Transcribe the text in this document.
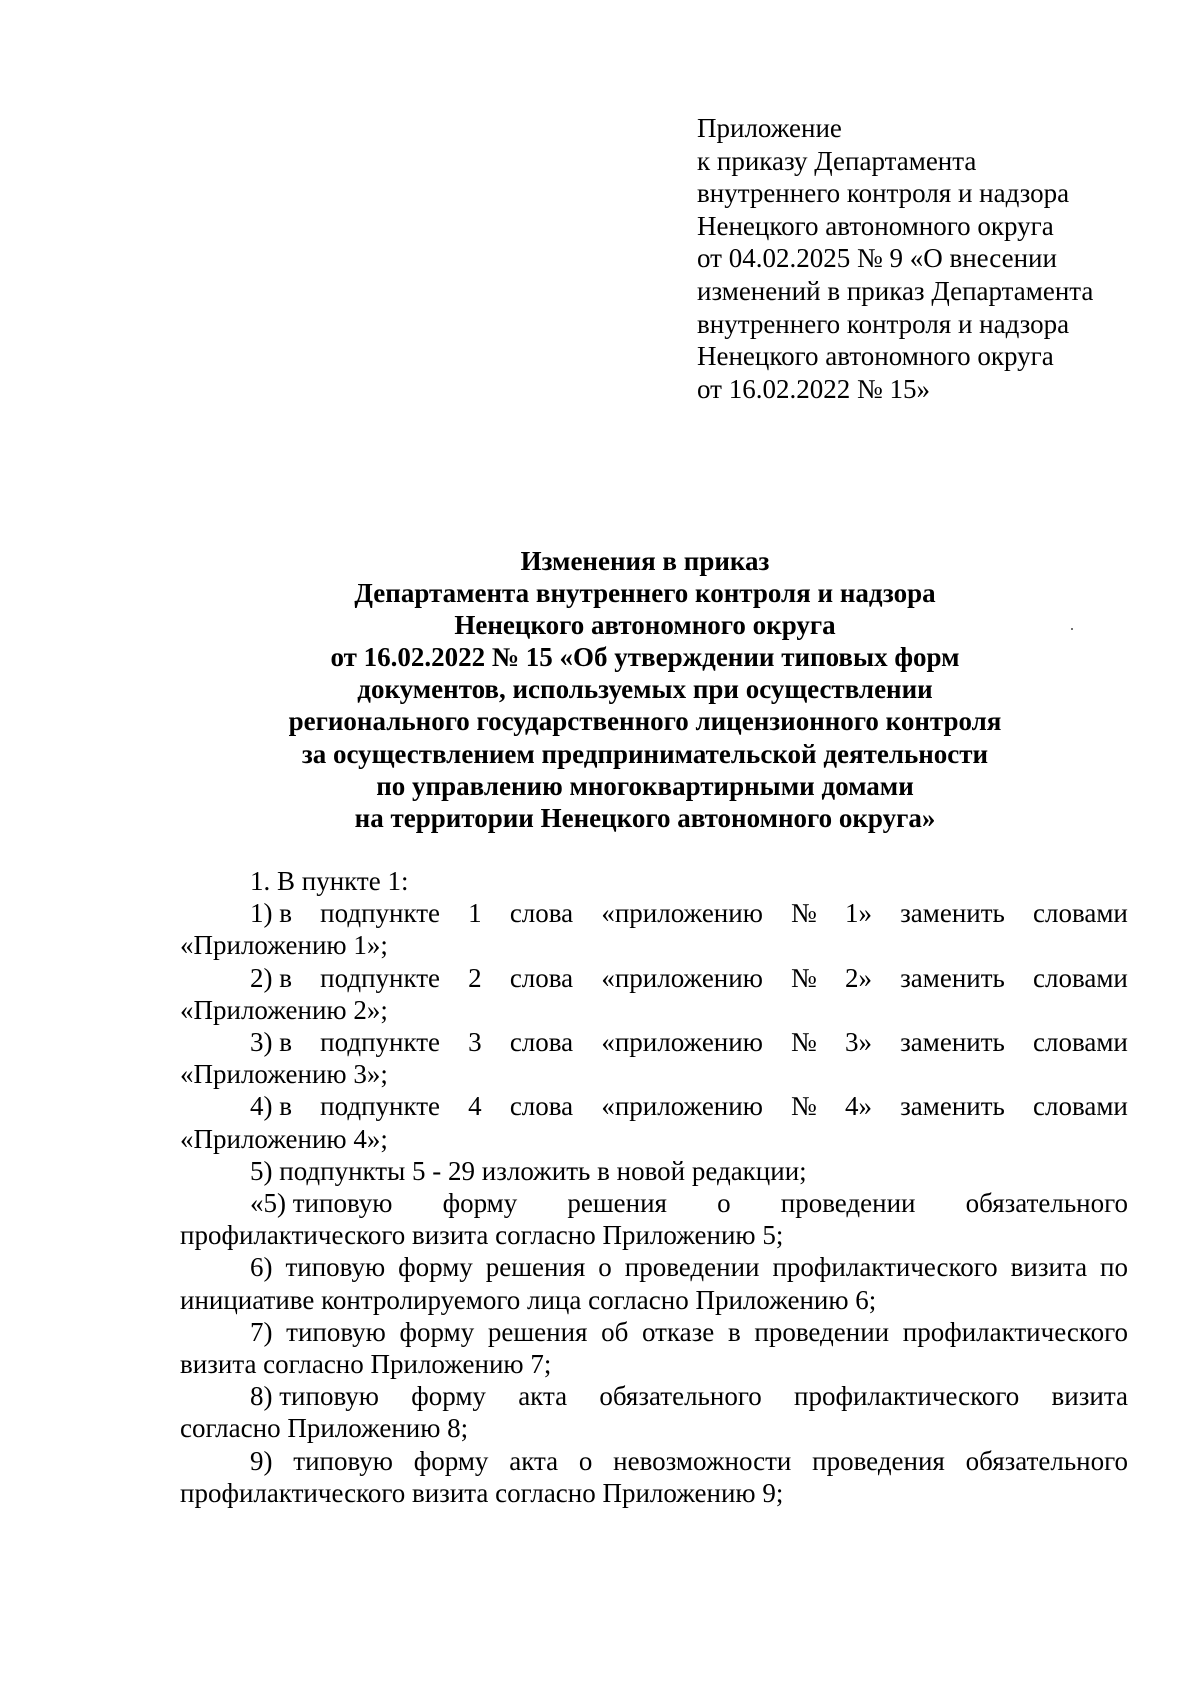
Приложение
к приказу Департамента
внутреннего контроля и надзора
Ненецкого автономного округа
от 04.02.2025 № 9 «О внесении
изменений в приказ Департамента
внутреннего контроля и надзора
Ненецкого автономного округа
от 16.02.2022 № 15»
Изменения в приказ
Департамента внутреннего контроля и надзора
Ненецкого автономного округа
от 16.02.2022 № 15 «Об утверждении типовых форм
документов, используемых при осуществлении
регионального государственного лицензионного контроля
за осуществлением предпринимательской деятельности
по управлению многоквартирными домами
на территории Ненецкого автономного округа»

1. В пункте 1:

1) в подпункте 1 слова «приложению № 1» заменить словами
«Приложению 1»;
2) в подпункте 2 слова «приложению № 2» заменить словами
«Приложению 2»;
3) в подпункте 3 слова «приложению № 3» заменить словами
«Приложению 3»;
4) в подпункте 4 слова «приложению № 4» заменить словами
«Приложению 4»;

5) подпункты 5 - 29 изложить в новой редакции;

«5) типовую форму решения о проведении обязательного
профилактического визита согласно Приложению 5;

6) типовую форму решения о проведении профилактического визита по инициативе контролируемого лица согласно Приложению 6;

7) типовую форму решения об отказе в проведении профилактического визита согласно Приложению 7;

8) типовую форму акта обязательного профилактического визита
согласно Приложению 8;

9) типовую форму акта о невозможности проведения обязательного профилактического визита согласно Приложению 9;
